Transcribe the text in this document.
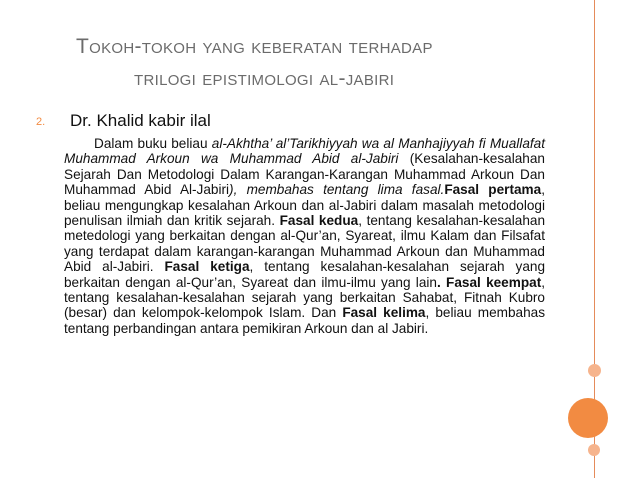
Tokoh-tokoh yang keberatan terhadap
trilogi epistimologi al-jabiri
2. Dr. Khalid kabir ilal
Dalam buku beliau al-Akhtha’ al’Tarikhiyyah wa al Manhajiyyah fi Muallafat Muhammad Arkoun wa Muhammad Abid al-Jabiri (Kesalahan-kesalahan Sejarah Dan Metodologi Dalam Karangan-Karangan Muhammad Arkoun Dan Muhammad Abid Al-Jabiri), membahas tentang lima fasal.Fasal pertama, beliau mengungkap kesalahan Arkoun dan al-Jabiri dalam masalah metodologi penulisan ilmiah dan kritik sejarah. Fasal kedua, tentang kesalahan-kesalahan metedologi yang berkaitan dengan al-Qur’an, Syareat, ilmu Kalam dan Filsafat yang terdapat dalam karangan-karangan Muhammad Arkoun dan Muhammad Abid al-Jabiri. Fasal ketiga, tentang kesalahan-kesalahan sejarah yang berkaitan dengan al-Qur’an, Syareat dan ilmu-ilmu yang lain. Fasal keempat, tentang kesalahan-kesalahan sejarah yang berkaitan Sahabat, Fitnah Kubro (besar) dan kelompok-kelompok Islam. Dan Fasal kelima, beliau membahas tentang perbandingan antara pemikiran Arkoun dan al Jabiri.
